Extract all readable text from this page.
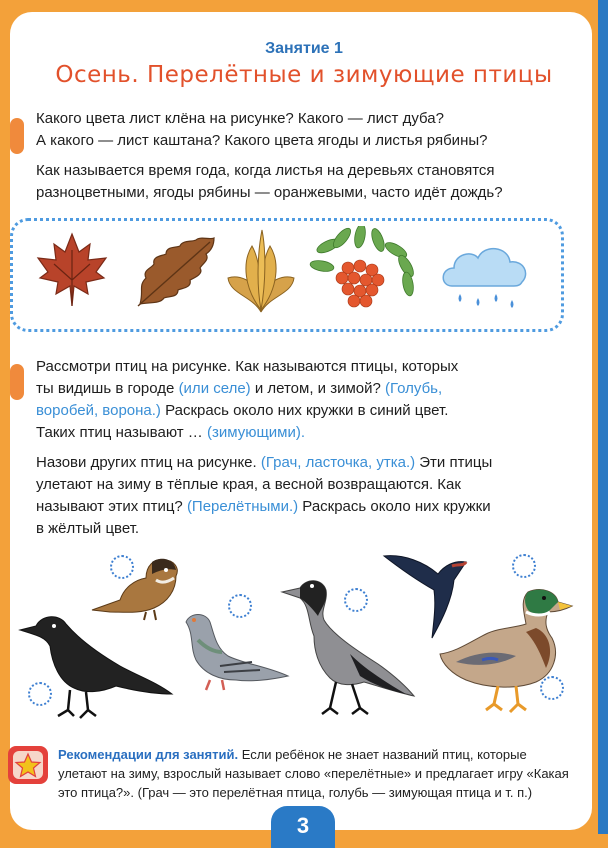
Занятие 1
Осень. Перелётные и зимующие птицы

Какого цвета лист клёна на рисунке? Какого — лист дуба?

А какого — лист каштана? Какого цвета ягоды и листья рябины?

Как называется время года, когда листья на деревьях становятся

разноцветными, ягоды рябины — оранжевыми, часто идёт дождь?

Рассмотри птиц на рисунке. Как называются птицы, которых

ты видишь в городе (или селе) и летом, и зимой? (Голубь,

воробей, ворона.) Раскрась около них кружки в синий цвет.

Таких птиц называют … (зимующими).

Назови других птиц на рисунке. (Грач, ласточка, утка.) Эти птицы

улетают на зиму в тёплые края, а весной возвращаются. Как

называют этих птиц? (Перелётными.) Раскрась около них кружки

в жёлтый цвет.

Рекомендации для занятий. Если ребёнок не знает названий птиц, которые улетают на зиму, взрослый называет слово «перелётные» и предлагает игру «Какая это птица?». (Грач — это перелётная птица, голубь — зимующая птица и т. п.)
3
